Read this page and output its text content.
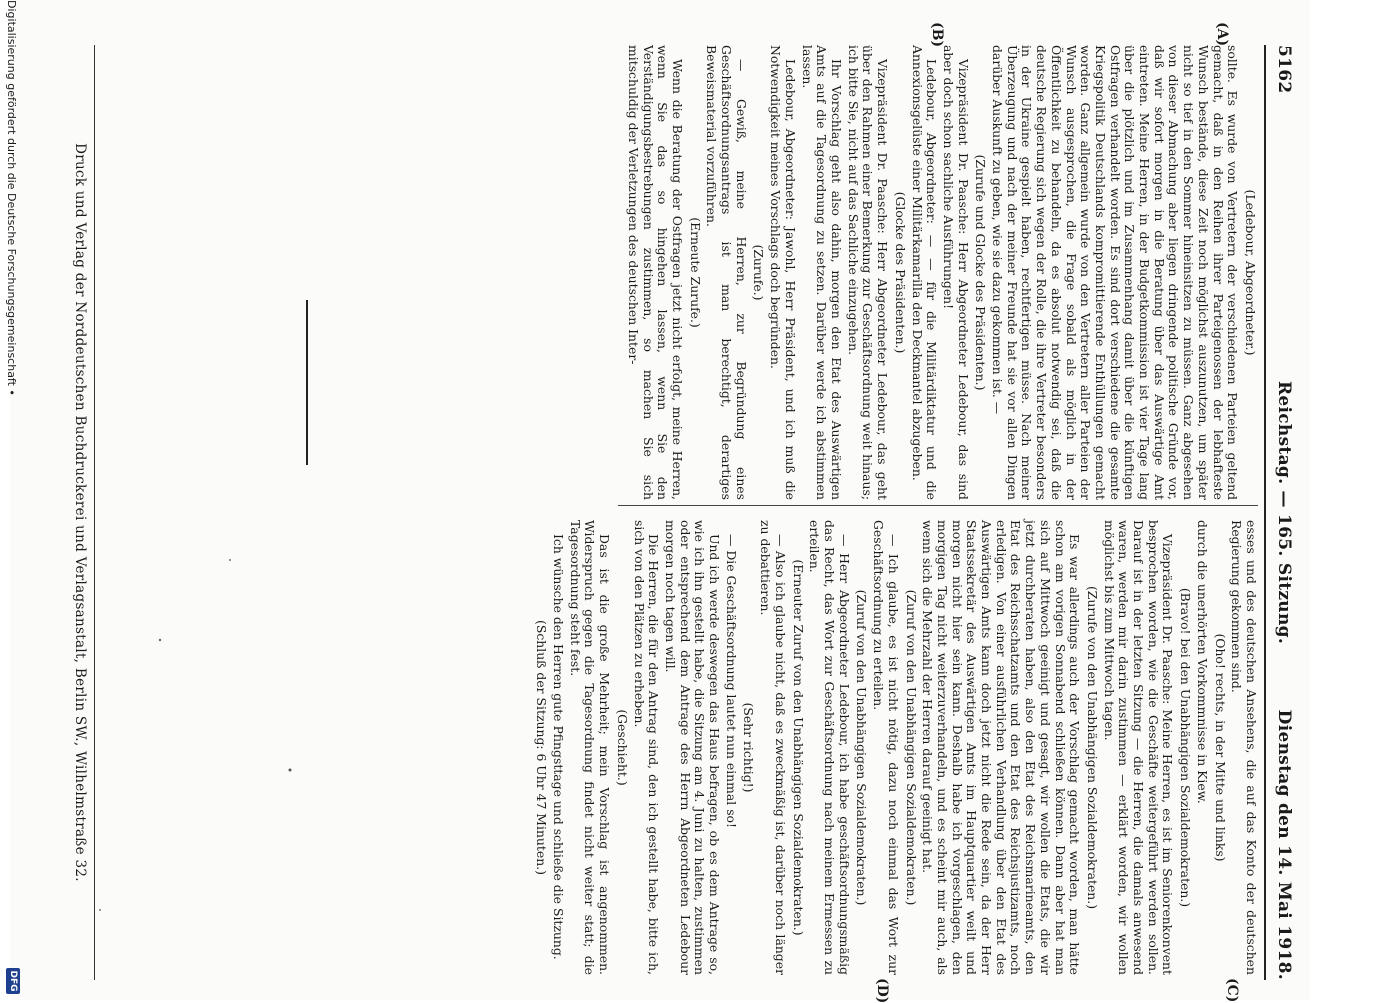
5162
Reichstag. — 165. Sitzung.
Dienstag den 14. Mai 1918.
(A)
(B)
(C)
(D)

(Ledebour, Abgeordneter.)

sollte. Es wurde von Vertretern der verschiedenen Parteien geltend gemacht, daß in den Reihen ihrer Parteigenossen der lebhafteste Wunsch bestände, diese Zeit noch möglichst auszunutzen, um später nicht so tief in den Sommer hineinsitzen zu müssen. Ganz abgesehen von dieser Abmachung aber liegen dringende politische Gründe vor, daß wir sofort morgen in die Beratung über das Auswärtige Amt eintreten. Meine Herren, in der Budgetkommission ist vier Tage lang über die plötzlich und im Zusammenhang damit über die künftigen Ostfragen verhandelt worden. Es sind dort verschiedene die gesamte Kriegspolitik Deutschlands kompromittierende Enthüllungen gemacht worden. Ganz allgemein wurde von den Vertretern aller Parteien der Wunsch ausgesprochen, die Frage sobald als möglich in der Öffentlichkeit zu behandeln, da es absolut notwendig sei, daß die deutsche Regierung sich wegen der Rolle, die ihre Vertreter besonders in der Ukraine gespielt haben, rechtfertigen müsse. Nach meiner Überzeugung und nach der meiner Freunde hat sie vor allen Dingen darüber Auskunft zu geben, wie sie dazu gekommen ist. —

(Zurufe und Glocke des Präsidenten.)

Vizepräsident Dr. Paasche: Herr Abgeordneter Ledebour, das sind aber doch schon sachliche Ausführungen!

Ledebour, Abgeordneter: — — für die Militärdiktatur und die Annexionsgelüste einer Militärkamarilla den Deckmantel abzugeben.

(Glocke des Präsidenten.)

Vizepräsident Dr. Paasche: Herr Abgeordneter Ledebour, das geht über den Rahmen einer Bemerkung zur Geschäftsordnung weit hinaus; ich bitte Sie, nicht auf das Sachliche einzugehen.

Ihr Vorschlag geht also dahin, morgen den Etat des Auswärtigen Amts auf die Tagesordnung zu setzen. Darüber werde ich abstimmen lassen.

Ledebour, Abgeordneter: Jawohl, Herr Präsident, und ich muß die Notwendigkeit meines Vorschlags doch begründen.

(Zurufe.)

— Gewiß, meine Herren, zur Begründung eines Geschäftsordnungsantrags ist man berechtigt, derartiges Beweismaterial vorzuführen.

(Erneute Zurufe.)

Wenn die Beratung der Ostfragen jetzt nicht erfolgt, meine Herren, wenn Sie das so hingehen lassen, wenn Sie den Verständigungsbestrebungen zustimmen, so machen Sie sich mitschuldig der Verletzungen des deutschen Inter-

esses und des deutschen Ansehens, die auf das Konto der deutschen Regierung gekommen sind.

(Oho! rechts, in der Mitte und links)

durch die unerhörten Vorkommnisse in Kiew.

(Bravo! bei den Unabhängigen Sozialdemokraten.)

Vizepräsident Dr. Paasche: Meine Herren, es ist im Seniorenkonvent besprochen worden, wie die Geschäfte weitergeführt werden sollen. Darauf ist in der letzten Sitzung — die Herren, die damals anwesend waren, werden mir darin zustimmen — erklärt worden, wir wollen möglichst bis zum Mittwoch tagen.

(Zurufe von den Unabhängigen Sozialdemokraten.)

Es war allerdings auch der Vorschlag gemacht worden, man hätte schon am vorigen Sonnabend schließen können. Dann aber hat man sich auf Mittwoch geeinigt und gesagt, wir wollen die Etats, die wir jetzt durchberaten haben, also den Etat des Reichsmarineamts, den Etat des Reichsschatzamts und den Etat des Reichsjustizamts, noch erledigen. Von einer ausführlichen Verhandlung über den Etat des Auswärtigen Amts kann doch jetzt nicht die Rede sein, da der Herr Staatssekretär des Auswärtigen Amts im Hauptquartier weilt und morgen nicht hier sein kann. Deshalb habe ich vorgeschlagen, den morgigen Tag nicht weiterzuverhandeln, und es scheint mir auch, als wenn sich die Mehrzahl der Herren darauf geeinigt hat.

(Zuruf von den Unabhängigen Sozialdemokraten.)

— Ich glaube, es ist nicht nötig, dazu noch einmal das Wort zur Geschäftsordnung zu erteilen.

(Zuruf von den Unabhängigen Sozialdemokraten.)

— Herr Abgeordneter Ledebour, ich habe geschäftsordnungsmäßig das Recht, das Wort zur Geschäftsordnung nach meinem Ermessen zu erteilen.

(Erneuter Zuruf von den Unabhängigen Sozialdemokraten.)

— Also ich glaube nicht, daß es zweckmäßig ist, darüber noch länger zu debattieren.

(Sehr richtig!)

— Die Geschäftsordnung lautet nun einmal so!

Und ich werde deswegen das Haus befragen, ob es dem Antrage so, wie ich ihn gestellt habe, die Sitzung am 4. Juni zu halten, zustimmen oder entsprechend dem Antrage des Herrn Abgeordneten Ledebour morgen noch tagen will.

Die Herren, die für den Antrag sind, den ich gestellt habe, bitte ich, sich von den Plätzen zu erheben.

(Geschieht.)

Das ist die große Mehrheit; mein Vorschlag ist angenommen. Widerspruch gegen die Tagesordnung findet nicht weiter statt; die Tagesordnung steht fest.

Ich wünsche den Herren gute Pfingsttage und schließe die Sitzung.

(Schluß der Sitzung: 6 Uhr 47 Minuten.)

Druck und Verlag der Norddeutschen Buchdruckerei und Verlagsanstalt, Berlin SW., Wilhelmstraße 32.
Digitalisierung gefördert durch die Deutsche Forschungsgemeinschaft •
DFG
